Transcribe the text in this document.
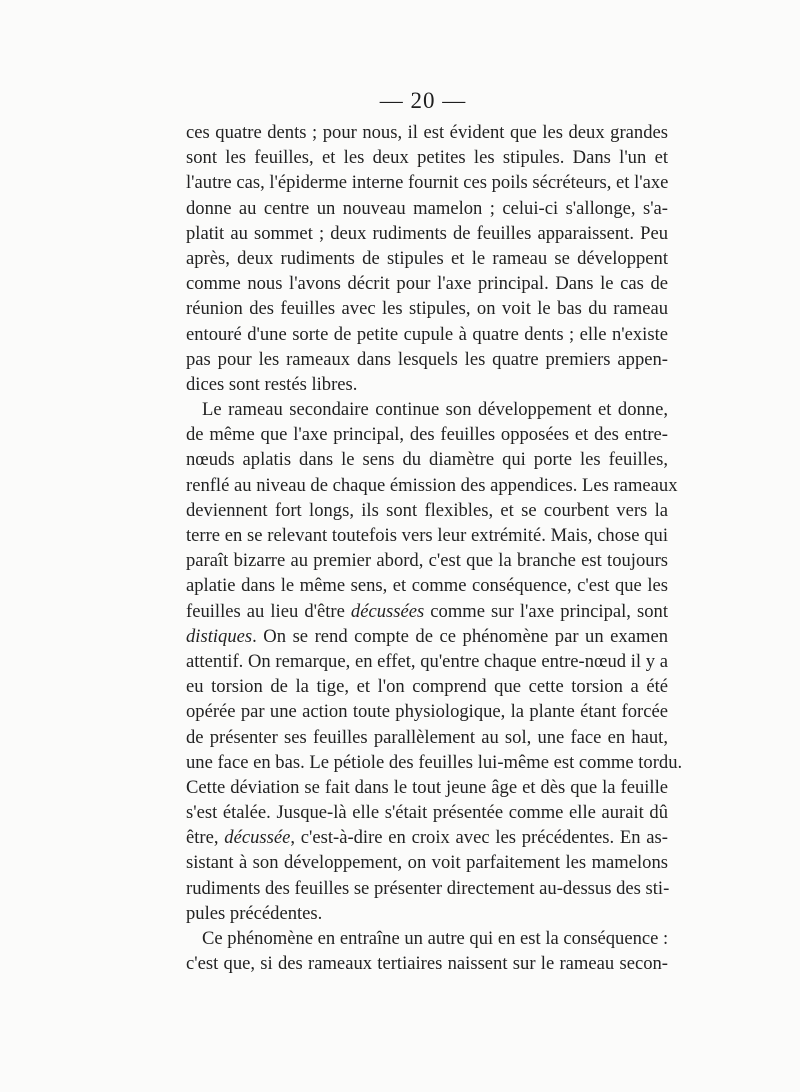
— 20 —
ces quatre dents ; pour nous, il est évident que les deux grandes
sont les feuilles, et les deux petites les stipules. Dans l'un et
l'autre cas, l'épiderme interne fournit ces poils sécréteurs, et l'axe
donne au centre un nouveau mamelon ; celui-ci s'allonge, s'a-
platit au sommet ; deux rudiments de feuilles apparaissent. Peu
après, deux rudiments de stipules et le rameau se développent
comme nous l'avons décrit pour l'axe principal. Dans le cas de
réunion des feuilles avec les stipules, on voit le bas du rameau
entouré d'une sorte de petite cupule à quatre dents ; elle n'existe
pas pour les rameaux dans lesquels les quatre premiers appen-
dices sont restés libres.
Le rameau secondaire continue son développement et donne,
de même que l'axe principal, des feuilles opposées et des entre-
nœuds aplatis dans le sens du diamètre qui porte les feuilles,
renflé au niveau de chaque émission des appendices. Les rameaux
deviennent fort longs, ils sont flexibles, et se courbent vers la
terre en se relevant toutefois vers leur extrémité. Mais, chose qui
paraît bizarre au premier abord, c'est que la branche est toujours
aplatie dans le même sens, et comme conséquence, c'est que les
feuilles au lieu d'être décussées comme sur l'axe principal, sont
distiques. On se rend compte de ce phénomène par un examen
attentif. On remarque, en effet, qu'entre chaque entre-nœud il y a
eu torsion de la tige, et l'on comprend que cette torsion a été
opérée par une action toute physiologique, la plante étant forcée
de présenter ses feuilles parallèlement au sol, une face en haut,
une face en bas. Le pétiole des feuilles lui-même est comme tordu.
Cette déviation se fait dans le tout jeune âge et dès que la feuille
s'est étalée. Jusque-là elle s'était présentée comme elle aurait dû
être, décussée, c'est-à-dire en croix avec les précédentes. En as-
sistant à son développement, on voit parfaitement les mamelons
rudiments des feuilles se présenter directement au-dessus des sti-
pules précédentes.
Ce phénomène en entraîne un autre qui en est la conséquence :
c'est que, si des rameaux tertiaires naissent sur le rameau secon-
